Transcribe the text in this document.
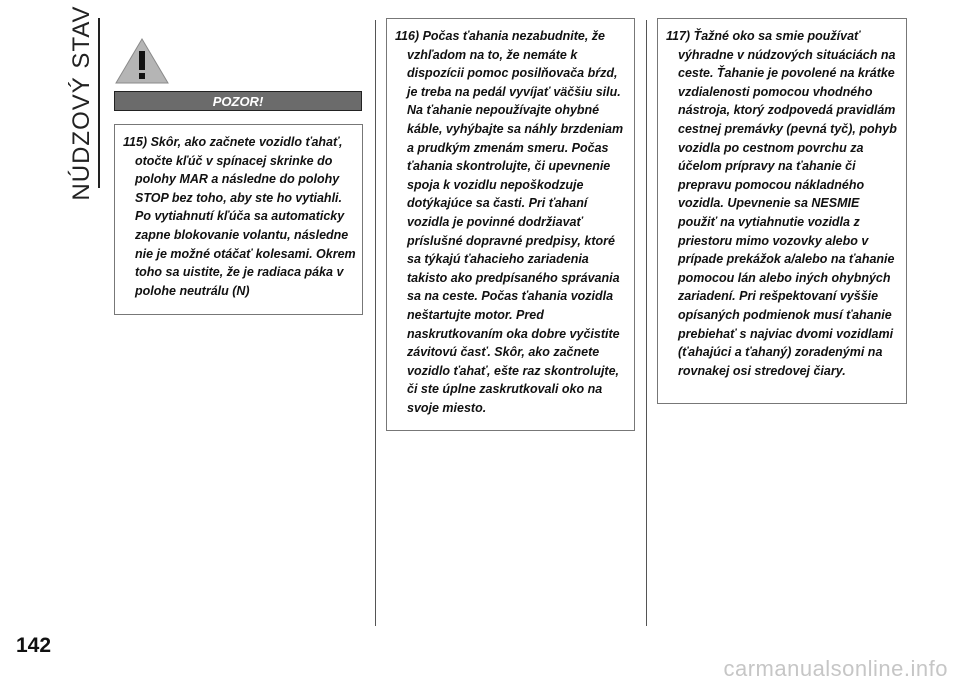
NÚDZOVÝ STAV	POZOR!

115) Skôr, ako začnete vozidlo ťahať, otočte kľúč v spínacej skrinke do polohy MAR a následne do polohy STOP bez toho, aby ste ho vytiahli. Po vytiahnutí kľúča sa automaticky zapne blokovanie volantu, následne nie je možné otáčať kolesami. Okrem toho sa uistite, že je radiaca páka v polohe neutrálu (N)

116) Počas ťahania nezabudnite, že vzhľadom na to, že nemáte k dispozícii pomoc posilňovača bŕzd, je treba na pedál vyvíjať väčšiu silu. Na ťahanie nepoužívajte ohybné káble, vyhýbajte sa náhly brzdeniam a prudkým zmenám smeru. Počas ťahania skontrolujte, či upevnenie spoja k vozidlu nepoškodzuje dotýkajúce sa časti. Pri ťahaní vozidla je povinné dodržiavať príslušné dopravné predpisy, ktoré sa týkajú ťahacieho zariadenia takisto ako predpísaného správania sa na ceste. Počas ťahania vozidla neštartujte motor. Pred naskrutkovaním oka dobre vyčistite závitovú časť. Skôr, ako začnete vozidlo ťahať, ešte raz skontrolujte, či ste úplne zaskrutkovali oko na svoje miesto.

117) Ťažné oko sa smie používať výhradne v núdzových situáciách na ceste. Ťahanie je povolené na krátke vzdialenosti pomocou vhodného nástroja, ktorý zodpovedá pravidlám cestnej premávky (pevná tyč), pohyb vozidla po cestnom povrchu za účelom prípravy na ťahanie či prepravu pomocou nákladného vozidla. Upevnenie sa NESMIE použiť na vytiahnutie vozidla z priestoru mimo vozovky alebo v prípade prekážok a/alebo na ťahanie pomocou lán alebo iných ohybných zariadení. Pri rešpektovaní vyššie opísaných podmienok musí ťahanie prebiehať s najviac dvomi vozidlami (ťahajúci a ťahaný) zoradenými na rovnakej osi stredovej čiary.

142
carmanualsonline.info
